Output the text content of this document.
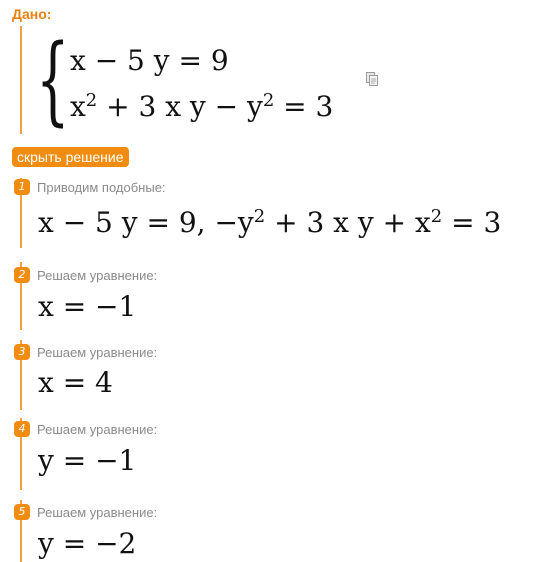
Дано:
{ x − 5 y = 9
$x^2 + 3$ x $y - y^2 = 3$
скрыть решение
1 Приводим подобные:
x − 5 y = 9, $-y^2 + 3$ x $y + x^2 = 3$
2 Решаем уравнение:
x = −1
3 Решаем уравнение:
x = 4
4 Решаем уравнение:
y = −1
5 Решаем уравнение:
y = −2
